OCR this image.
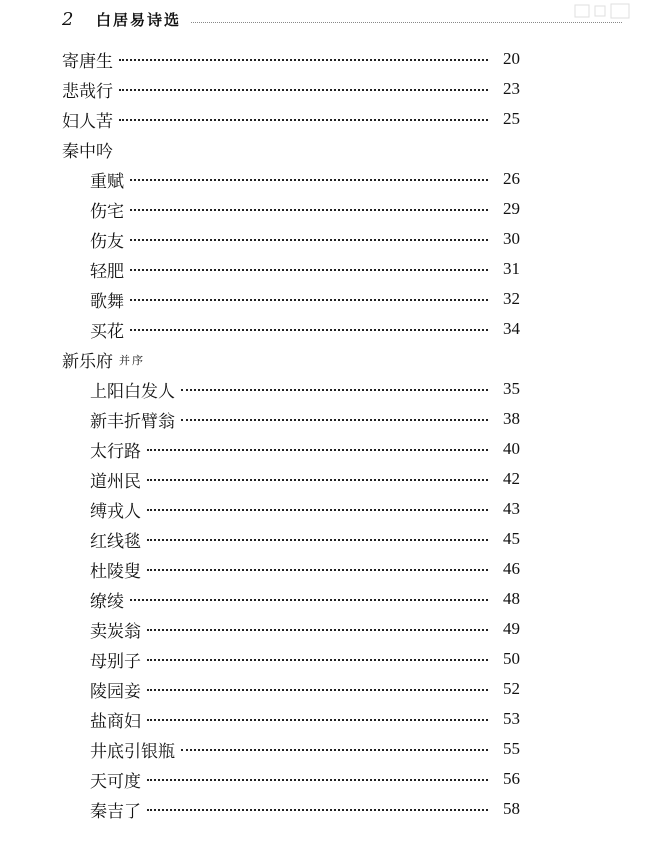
2	白居易诗选
寄唐生	20
悲哉行	23
妇人苦	25
秦中吟
重赋	26
伤宅	29
伤友	30
轻肥	31
歌舞	32
买花	34
新乐府 并序
上阳白发人	35
新丰折臂翁	38
太行路	40
道州民	42
缚戎人	43
红线毯	45
杜陵叟	46
缭绫	48
卖炭翁	49
母别子	50
陵园妾	52
盐商妇	53
井底引银瓶	55
天可度	56
秦吉了	58
